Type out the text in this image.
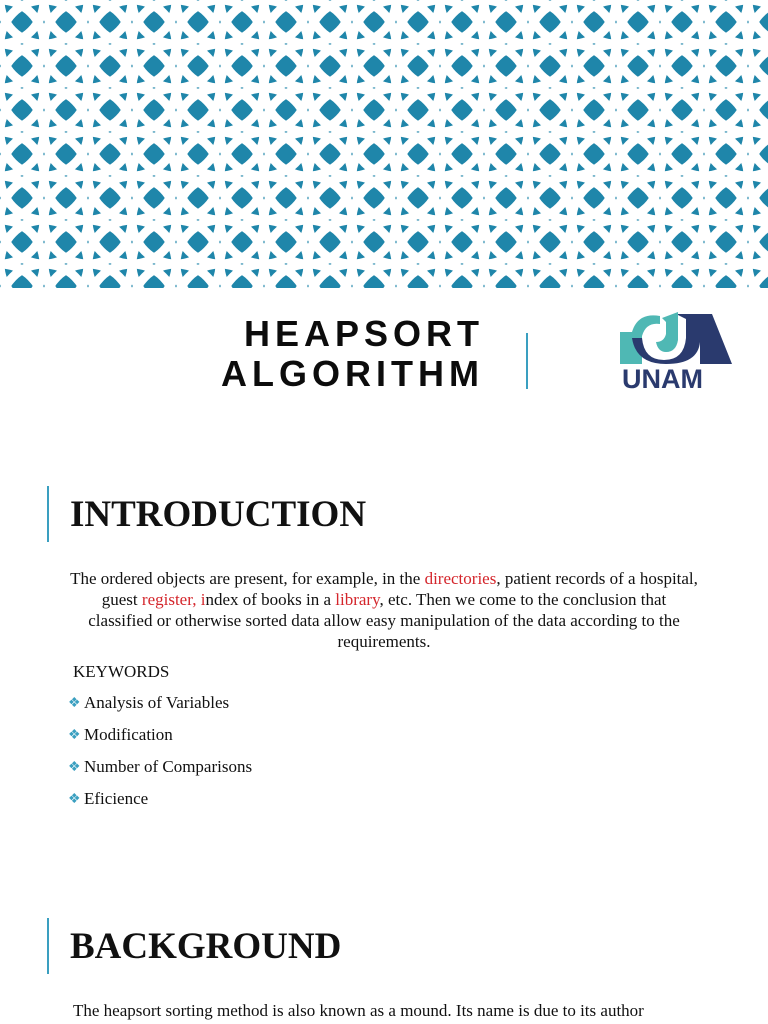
HEAPSORT
ALGORITHM	UNAM
INTRODUCTION

The ordered objects are present, for example, in the directories, patient records of a hospital, guest register, index of books in a library, etc. Then we come to the conclusion that classified or otherwise sorted data allow easy manipulation of the data according to the requirements.

KEYWORDS
❖ Analysis of Variables
❖ Modification
❖ Number of Comparisons
❖ Eficience
BACKGROUND

The heapsort sorting method is also known as a mound. Its name is due to its author
